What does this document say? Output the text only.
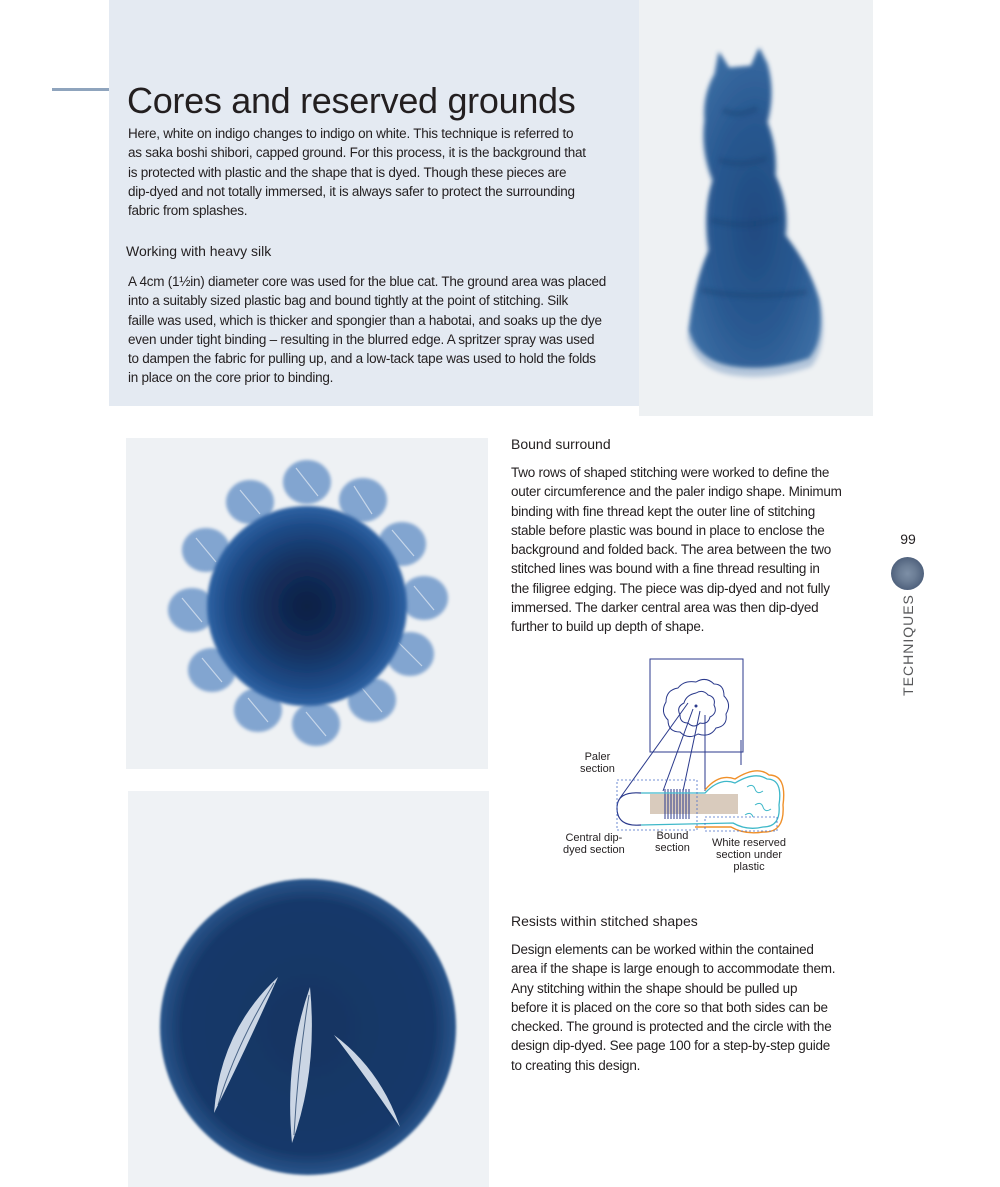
Cores and reserved grounds

Here, white on indigo changes to indigo on white. This technique is referred to
as saka boshi shibori, capped ground. For this process, it is the background that
is protected with plastic and the shape that is dyed. Though these pieces are
dip-dyed and not totally immersed, it is always safer to protect the surrounding
fabric from splashes.

Working with heavy silk

A 4cm (1½in) diameter core was used for the blue cat. The ground area was placed
into a suitably sized plastic bag and bound tightly at the point of stitching. Silk
faille was used, which is thicker and spongier than a habotai, and soaks up the dye
even under tight binding – resulting in the blurred edge. A spritzer spray was used
to dampen the fabric for pulling up, and a low-tack tape was used to hold the folds
in place on the core prior to binding.

Bound surround

Two rows of shaped stitching were worked to define the
outer circumference and the paler indigo shape. Minimum
binding with fine thread kept the outer line of stitching
stable before plastic was bound in place to enclose the
background and folded back. The area between the two
stitched lines was bound with a fine thread resulting in
the filigree edging. The piece was dip-dyed and not fully
immersed. The darker central area was then dip-dyed
further to build up depth of shape.

Paler
section
Central dip-
dyed section
Bound
section White reserved
section under
plastic
Resists within stitched shapes

Design elements can be worked within the contained
area if the shape is large enough to accommodate them.
Any stitching within the shape should be pulled up
before it is placed on the core so that both sides can be
checked. The ground is protected and the circle with the
design dip-dyed. See page 100 for a step-by-step guide
to creating this design.

99
TECHNIQUES
